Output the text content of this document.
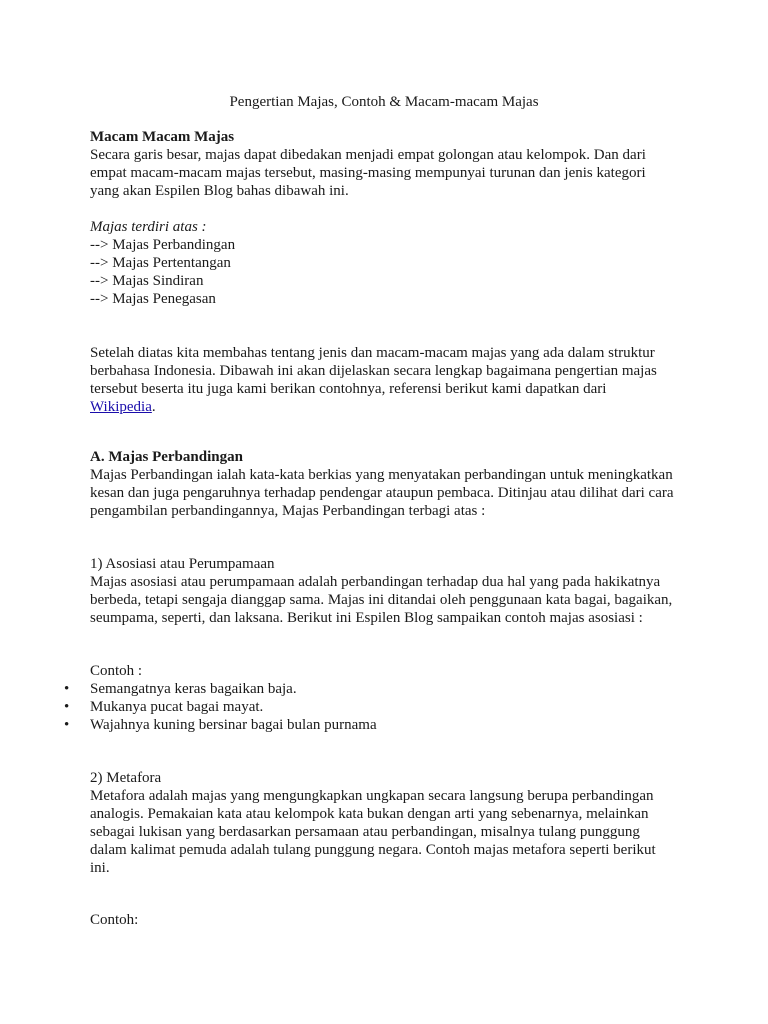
Pengertian Majas, Contoh & Macam-macam Majas
Macam Macam Majas
Secara garis besar, majas dapat dibedakan menjadi empat golongan atau kelompok. Dan dari
empat macam-macam majas tersebut, masing-masing mempunyai turunan dan jenis kategori
yang akan Espilen Blog bahas dibawah ini.
Majas terdiri atas :
--> Majas Perbandingan
--> Majas Pertentangan
--> Majas Sindiran
--> Majas Penegasan
Setelah diatas kita membahas tentang jenis dan macam-macam majas yang ada dalam struktur
berbahasa Indonesia. Dibawah ini akan dijelaskan secara lengkap bagaimana pengertian majas
tersebut beserta itu juga kami berikan contohnya, referensi berikut kami dapatkan dari
Wikipedia.
A. Majas Perbandingan
Majas Perbandingan ialah kata-kata berkias yang menyatakan perbandingan untuk meningkatkan
kesan dan juga pengaruhnya terhadap pendengar ataupun pembaca. Ditinjau atau dilihat dari cara
pengambilan perbandingannya, Majas Perbandingan terbagi atas :
1) Asosiasi atau Perumpamaan
Majas asosiasi atau perumpamaan adalah perbandingan terhadap dua hal yang pada hakikatnya
berbeda, tetapi sengaja dianggap sama. Majas ini ditandai oleh penggunaan kata bagai, bagaikan,
seumpama, seperti, dan laksana. Berikut ini Espilen Blog sampaikan contoh majas asosiasi :
Contoh :
• Semangatnya keras bagaikan baja.
• Mukanya pucat bagai mayat.
• Wajahnya kuning bersinar bagai bulan purnama
2) Metafora
Metafora adalah majas yang mengungkapkan ungkapan secara langsung berupa perbandingan
analogis. Pemakaian kata atau kelompok kata bukan dengan arti yang sebenarnya, melainkan
sebagai lukisan yang berdasarkan persamaan atau perbandingan, misalnya tulang punggung
dalam kalimat pemuda adalah tulang punggung negara. Contoh majas metafora seperti berikut
ini.
Contoh:
